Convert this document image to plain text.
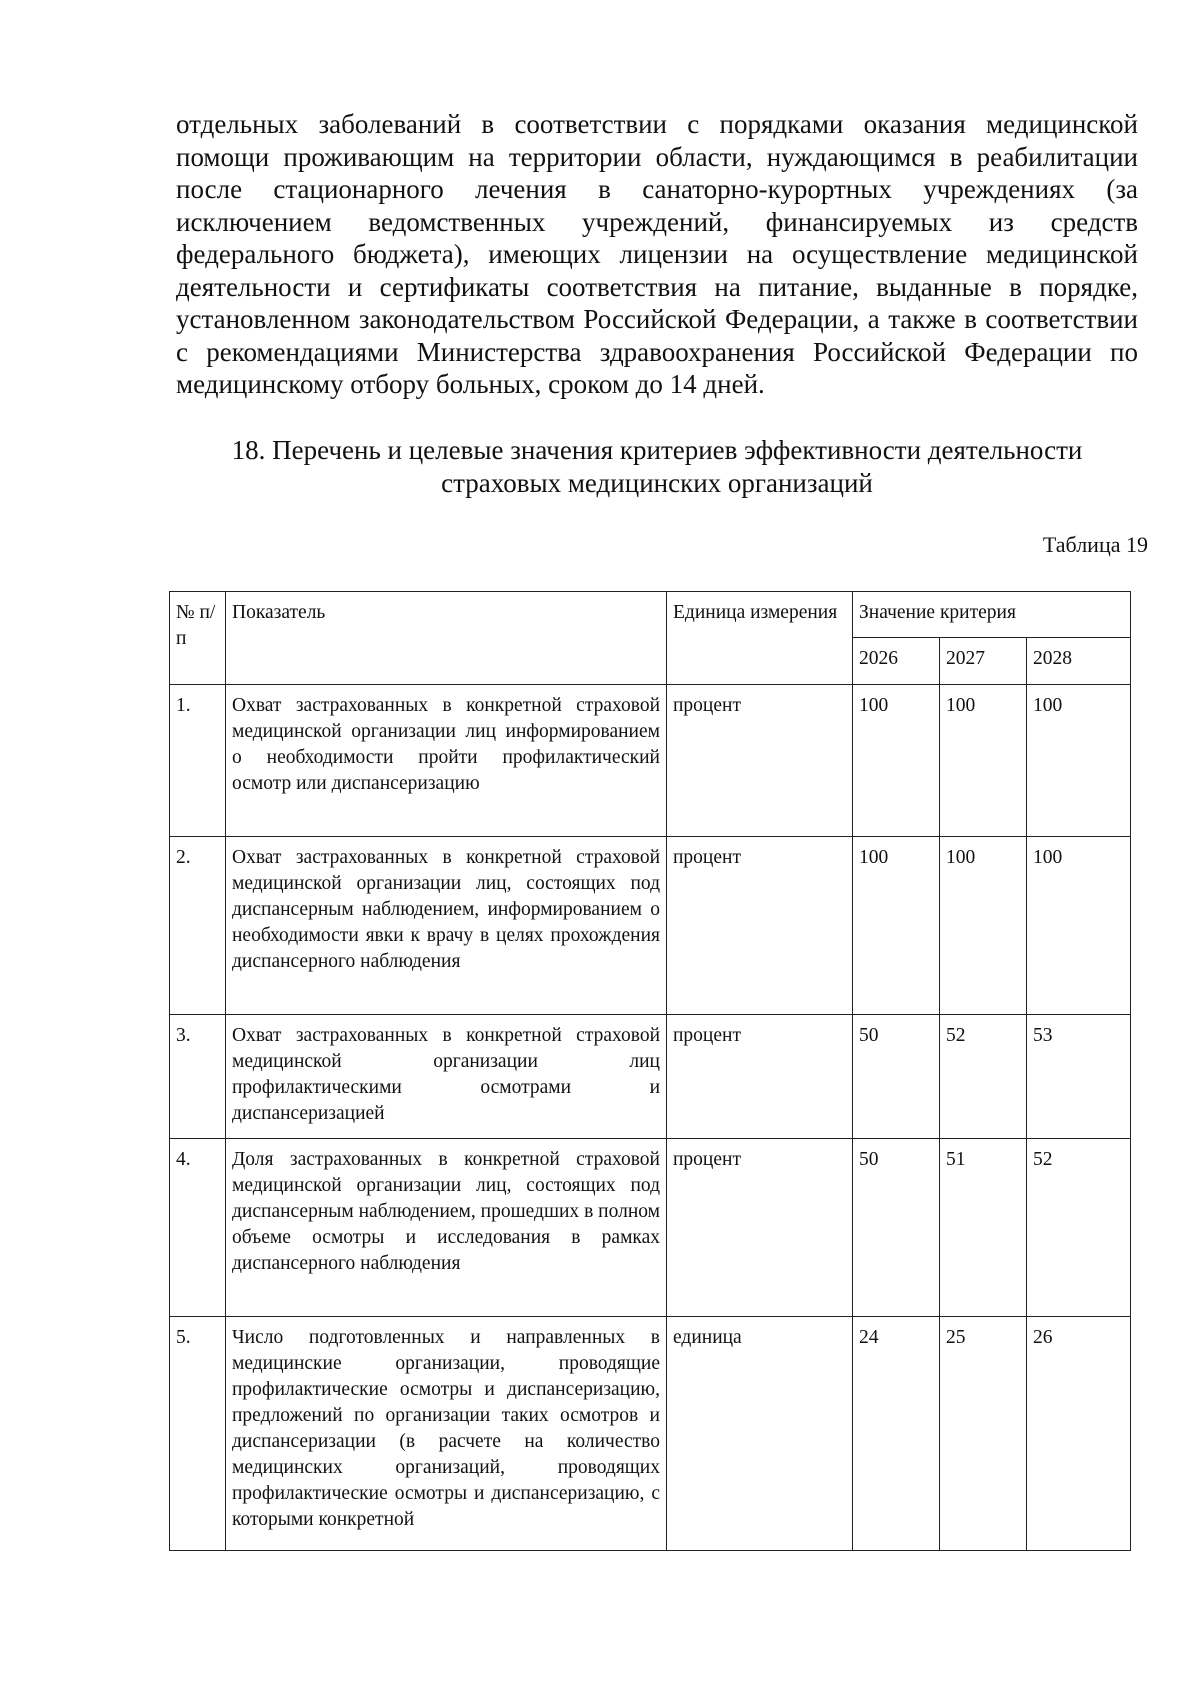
отдельных заболеваний в соответствии с порядками оказания медицинской помощи проживающим на территории области, нуждающимся в реабилитации после стационарного лечения в санаторно-курортных учреждениях (за исключением ведомственных учреждений, финансируемых из средств федерального бюджета), имеющих лицензии на осуществление медицинской деятельности и сертификаты соответствия на питание, выданные в порядке, установленном законодательством Российской Федерации, а также в соответствии с рекомендациями Министерства здравоохранения Российской Федерации по медицинскому отбору больных, сроком до 14 дней.

18. Перечень и целевые значения критериев эффективности деятельности
страховых медицинских организаций

Таблица 19

№ п/п	Показатель	Единица измерения	Значение критерия		
			2026	2027	2028
1.	Охват застрахованных в конкретной страховой медицинской организации лиц информированием о необходимости пройти профилактический осмотр или диспансеризацию	процент	100	100	100
2.	Охват застрахованных в конкретной страховой медицинской организации лиц, состоящих под диспансерным наблюдением, информированием о необходимости явки к врачу в целях прохождения диспансерного наблюдения	процент	100	100	100
3.	Охват застрахованных в конкретной страховой медицинской организации лиц профилактическими осмотрами и диспансеризацией	процент	50	52	53
4.	Доля застрахованных в конкретной страховой медицинской организации лиц, состоящих под диспансерным наблюдением, прошедших в полном объеме осмотры и исследования в рамках диспансерного наблюдения	процент	50	51	52
5.	Число подготовленных и направленных в медицинские организации, проводящие профилактические осмотры и диспансеризацию, предложений по организации таких осмотров и диспансеризации (в расчете на количество медицинских организаций, проводящих профилактические осмотры и диспансеризацию, с которыми конкретной	единица	24	25	26
